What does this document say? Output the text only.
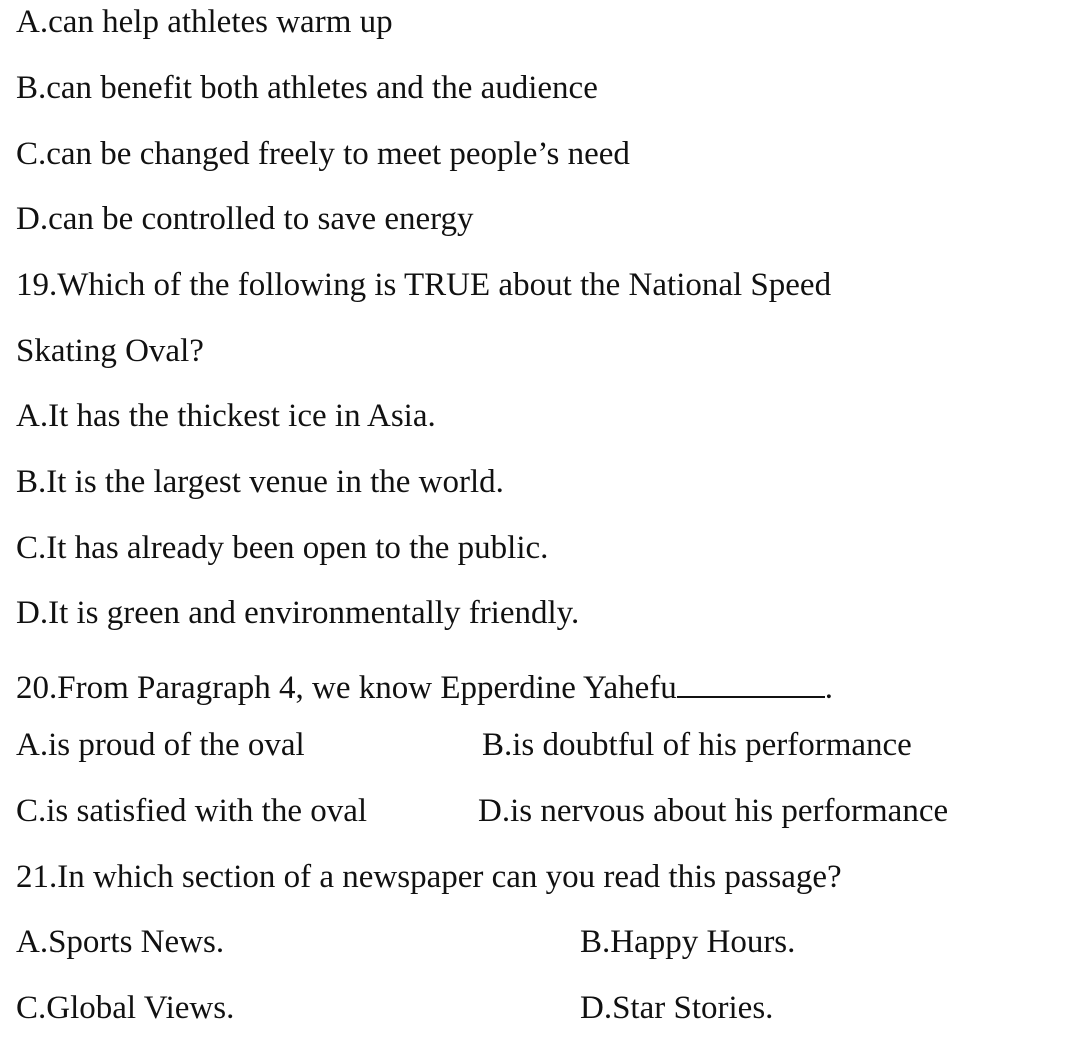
A.can help athletes warm up
B.can benefit both athletes and the audience
C.can be changed freely to meet people’s need
D.can be controlled to save energy
19.Which of the following is TRUE about the National Speed
Skating Oval?
A.It has the thickest ice in Asia.
B.It is the largest venue in the world.
C.It has already been open to the public.
D.It is green and environmentally friendly.
20.From Paragraph 4, we know Epperdine Yahefu	.
A.is proud of the oval	B.is doubtful of his performance
C.is satisfied with the oval	D.is nervous about his performance
21.In which section of a newspaper can you read this passage?
A.Sports News.	B.Happy Hours.
C.Global Views.	D.Star Stories.
